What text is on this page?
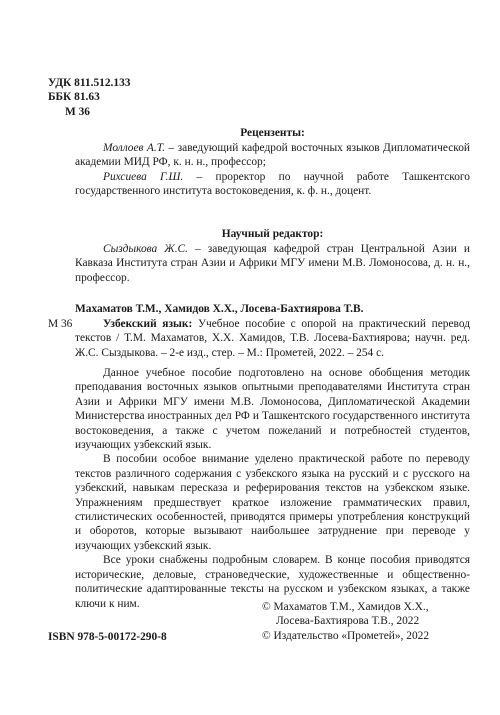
УДК 811.512.133
ББК 81.63
М 36
Рецензенты:

Моллоев А.Т. – заведующий кафедрой восточных языков Дипломатической академии МИД РФ, к. н. н., профессор;

Рихсиева Г.Ш. – проректор по научной работе Ташкентского государственного института востоковедения, к. ф. н., доцент.

Научный редактор:

Сыздыкова Ж.С. – заведующая кафедрой стран Центральной Азии и Кавказа Института стран Азии и Африки МГУ имени М.В. Ломоносова, д. н. н., профессор.

М 36
Махаматов Т.М., Хамидов Х.Х., Лосева-Бахтиярова Т.В.

Узбекский язык: Учебное пособие с опорой на практический перевод текстов / Т.М. Махаматов, Х.Х. Хамидов, Т.В. Лосева-Бахтиярова; научн. ред. Ж.С. Сыздыкова. – 2-е изд., стер. – М.: Прометей, 2022. – 254 с.

Данное учебное пособие подготовлено на основе обобщения методик преподавания восточных языков опытными преподавателями Института стран Азии и Африки МГУ имени М.В. Ломоносова, Дипломатической Академии Министерства иностранных дел РФ и Ташкентского государственного института востоковедения, а также с учетом пожеланий и потребностей студентов, изучающих узбекский язык.

В пособии особое внимание уделено практической работе по переводу текстов различного содержания с узбекского языка на русский и с русского на узбекский, навыкам пересказа и реферирования текстов на узбекском языке. Упражнениям предшествует краткое изложение грамматических правил, стилистических особенностей, приводятся примеры употребления конструкций и оборотов, которые вызывают наибольшее затруднение при переводе у изучающих узбекский язык.

Все уроки снабжены подробным словарем. В конце пособия приводятся исторические, деловые, страноведческие, художественные и общественно-политические адаптированные тексты на русском и узбекском языках, а также ключи к ним.

ISBN 978-5-00172-290-8
© Махаматов Т.М., Хамидов Х.Х.,
Лосева-Бахтиярова Т.В., 2022
© Издательство «Прометей», 2022
